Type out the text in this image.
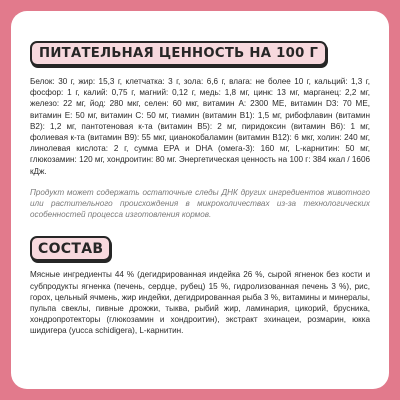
ПИТАТЕЛЬНАЯ ЦЕННОСТЬ НА 100 Г

Белок: 30 г, жир: 15,3 г, клетчатка: 3 г, зола: 6,6 г, влага: не более 10 г, кальций: 1,3 г, фосфор: 1 г, калий: 0,75 г, магний: 0,12 г, медь: 1,8 мг, цинк: 13 мг, марганец: 2,2 мг, железо: 22 мг, йод: 280 мкг, селен: 60 мкг, витамин А: 2300 МЕ, витамин D3: 70 МЕ, витамин Е: 50 мг, витамин С: 50 мг, тиамин (витамин В1): 1,5 мг, рибофлавин (витамин В2): 1,2 мг, пантотеновая к-та (витамин В5): 2 мг, пиридоксин (витамин В6): 1 мг, фолиевая к-та (витамин В9): 55 мкг, цианокобаламин (витамин В12): 6 мкг, холин: 240 мг, линолевая кислота: 2 г, сумма ЕРА и DHA (омега-3): 160 мг, L-карнитин: 50 мг, глюкозамин: 120 мг, хондроитин: 80 мг. Энергетическая ценность на 100 г: 384 ккал / 1606 кДж.

Продукт может содержать остаточные следы ДНК других ингредиентов животного или растительного происхождения в микроколичествах из-за технологических особенностей процесса изготовления кормов.

СОСТАВ

Мясные ингредиенты 44 % (дегидрированная индейка 26 %, сырой ягненок без кости и субпродукты ягненка (печень, сердце, рубец) 15 %, гидролизованная печень 3 %), рис, горох, цельный ячмень, жир индейки, дегидрированная рыба 3 %, витамины и минералы, пульпа свеклы, пивные дрожжи, тыква, рыбий жир, ламинария, цикорий, брусника, хондропротекторы (глюкозамин и хондроитин), экстракт эхинацеи, розмарин, юкка шидигера (yucca schidigera), L-карнитин.
